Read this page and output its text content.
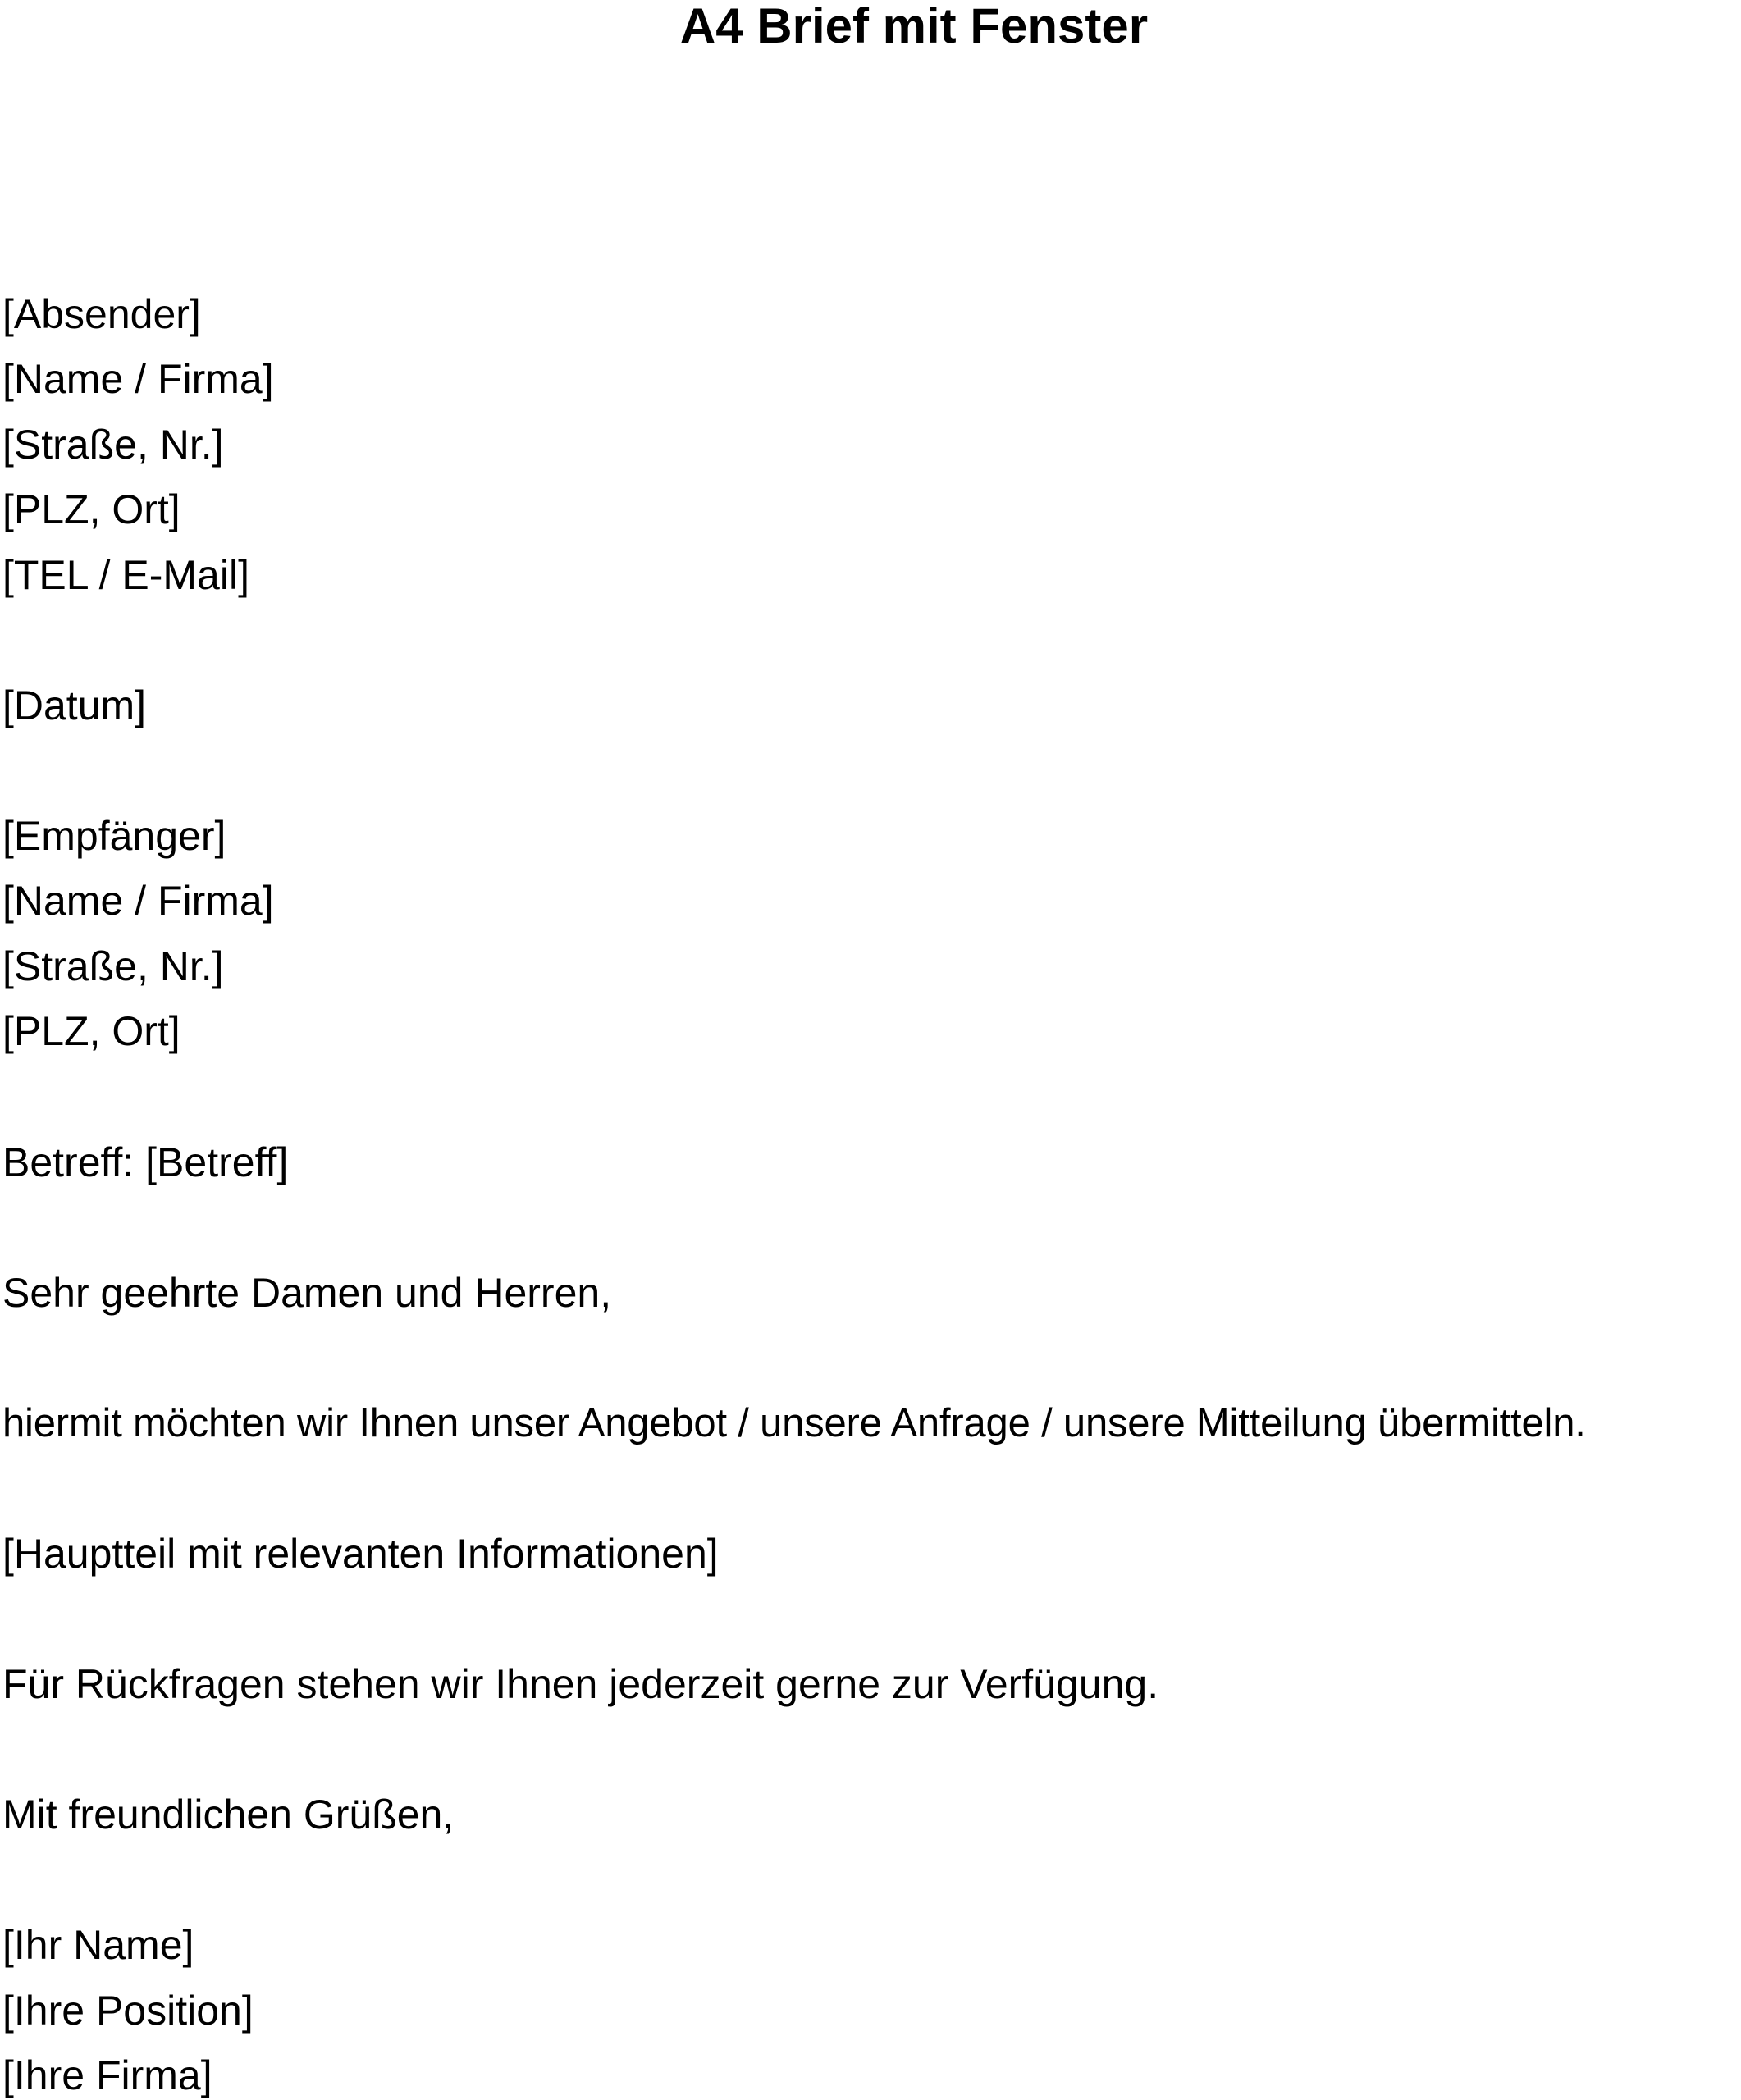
A4 Brief mit Fenster
[Absender]
[Name / Firma]
[Straße, Nr.]
[PLZ, Ort]
[TEL / E-Mail]
[Datum]
[Empfänger]
[Name / Firma]
[Straße, Nr.]
[PLZ, Ort]
Betreff: [Betreff]
Sehr geehrte Damen und Herren,
hiermit möchten wir Ihnen unser Angebot / unsere Anfrage / unsere Mitteilung übermitteln.
[Hauptteil mit relevanten Informationen]
Für Rückfragen stehen wir Ihnen jederzeit gerne zur Verfügung.
Mit freundlichen Grüßen,
[Ihr Name]
[Ihre Position]
[Ihre Firma]
